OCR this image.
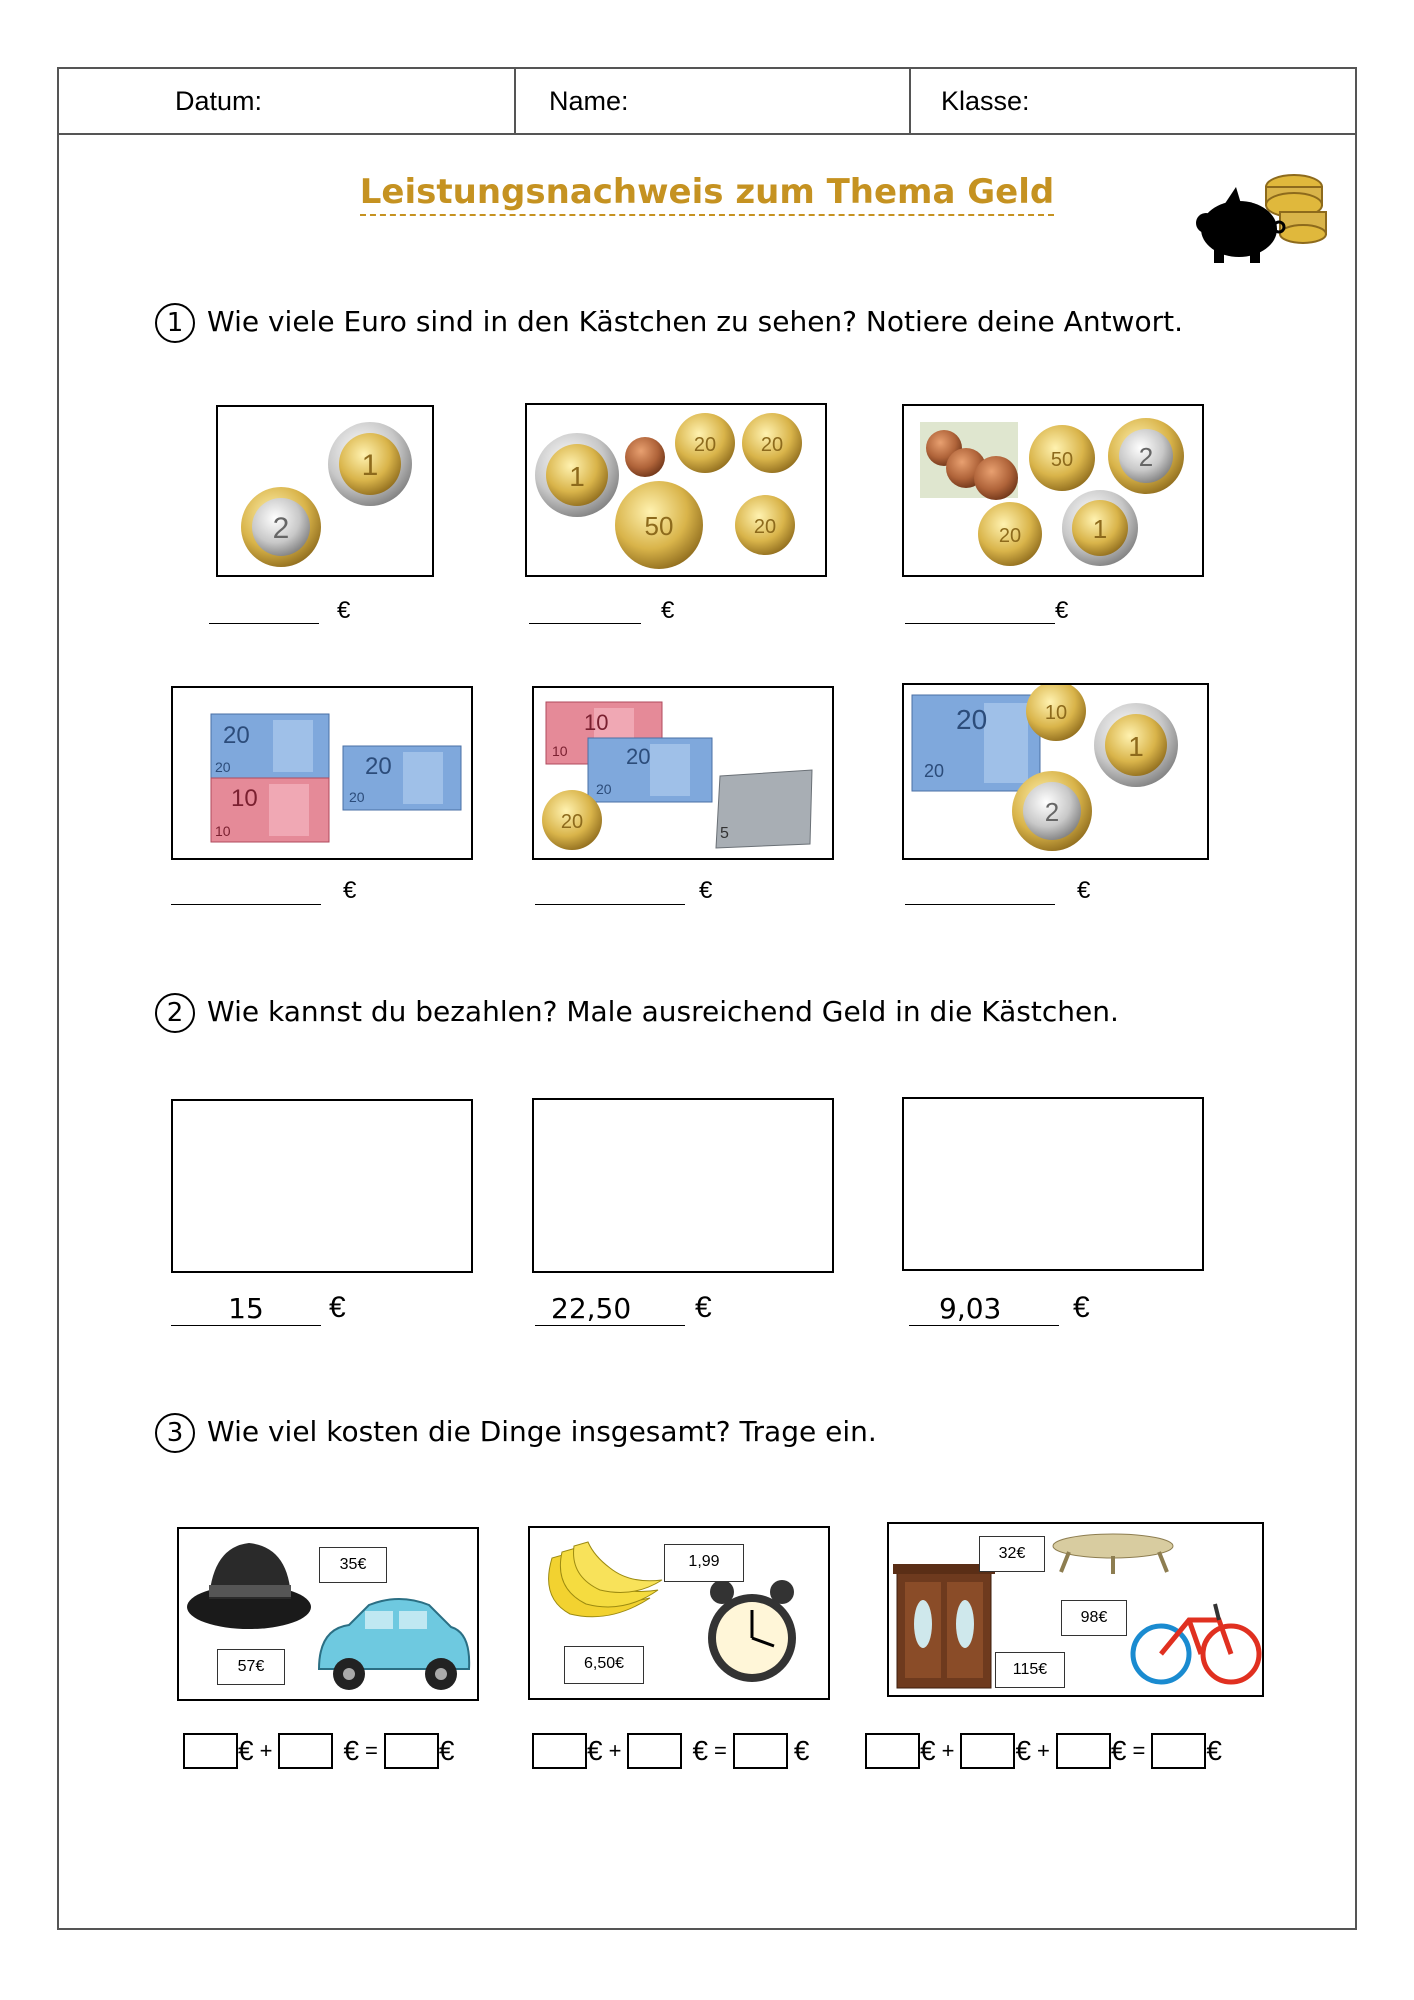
Datum:	Name:	Klasse:
Leistungsnachweis zum Thema Geld
1 Wie viele Euro sind in den Kästchen zu sehen? Notiere deine Antwort.
2
1
€
1
20 20
50	20
€
50	2
20	1
€
20
20	20
20
10
10
€
10
10	20
20
5
20
€
20
20
10
1
2
€
2 Wie kannst du bezahlen? Male ausreichend Geld in die Kästchen.
15	€	22,50	€	9,03	€
3 Wie viel kosten die Dinge insgesamt? Trage ein.
35€
57€
€ +	€ = €
1,99
6,50€
€ +	€ = €
32€
98€
115€
€ + € + € = €
